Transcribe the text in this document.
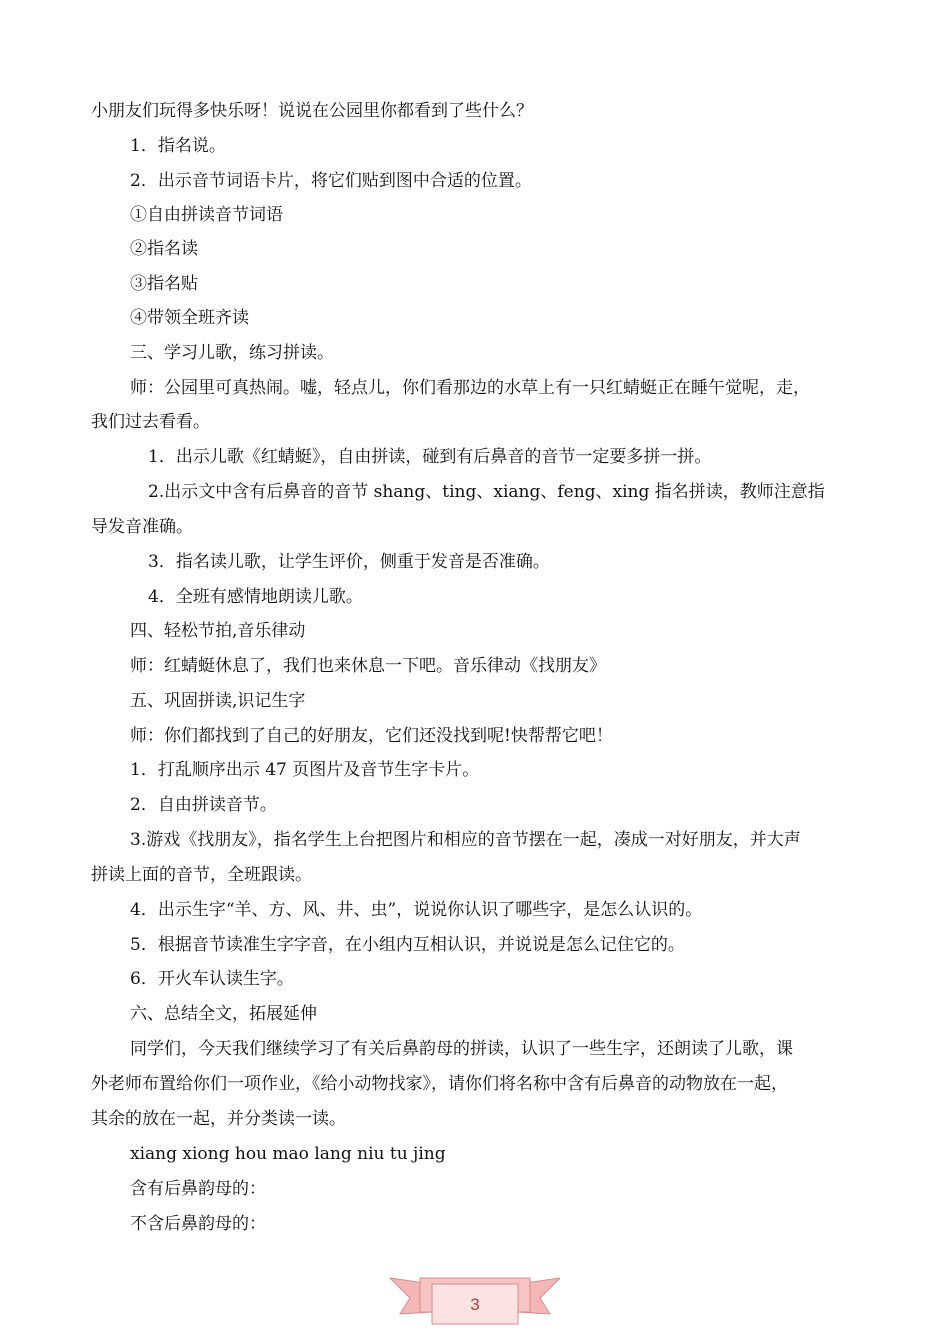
小朋友们玩得多快乐呀！说说在公园里你都看到了些什么？
1．指名说。
2．出示音节词语卡片，将它们贴到图中合适的位置。
①自由拼读音节词语
②指名读
③指名贴
④带领全班齐读
三、学习儿歌，练习拼读。
师：公园里可真热闹。嘘，轻点儿，你们看那边的水草上有一只红蜻蜓正在睡午觉呢，走，
我们过去看看。
1．出示儿歌《红蜻蜓》，自由拼读，碰到有后鼻音的音节一定要多拼一拼。
2.出示文中含有后鼻音的音节 shang、ting、xiang、feng、xing 指名拼读，教师注意指
导发音准确。
3．指名读儿歌，让学生评价，侧重于发音是否准确。
4．全班有感情地朗读儿歌。
四、轻松节拍,音乐律动
师：红蜻蜓休息了，我们也来休息一下吧。音乐律动《找朋友》
五、巩固拼读,识记生字
师：你们都找到了自己的好朋友，它们还没找到呢!快帮帮它吧！
1．打乱顺序出示 47 页图片及音节生字卡片。
2．自由拼读音节。
3.游戏《找朋友》，指名学生上台把图片和相应的音节摆在一起，凑成一对好朋友，并大声
拼读上面的音节，全班跟读。
4．出示生字“羊、方、风、井、虫”，说说你认识了哪些字，是怎么认识的。
5．根据音节读准生字字音，在小组内互相认识，并说说是怎么记住它的。
6．开火车认读生字。
六、总结全文，拓展延伸
同学们，今天我们继续学习了有关后鼻韵母的拼读，认识了一些生字，还朗读了儿歌，课
外老师布置给你们一项作业，《给小动物找家》，请你们将名称中含有后鼻音的动物放在一起，
其余的放在一起，并分类读一读。
xiang xiong hou mao lang niu tu jing
含有后鼻韵母的：
不含后鼻韵母的：
3
